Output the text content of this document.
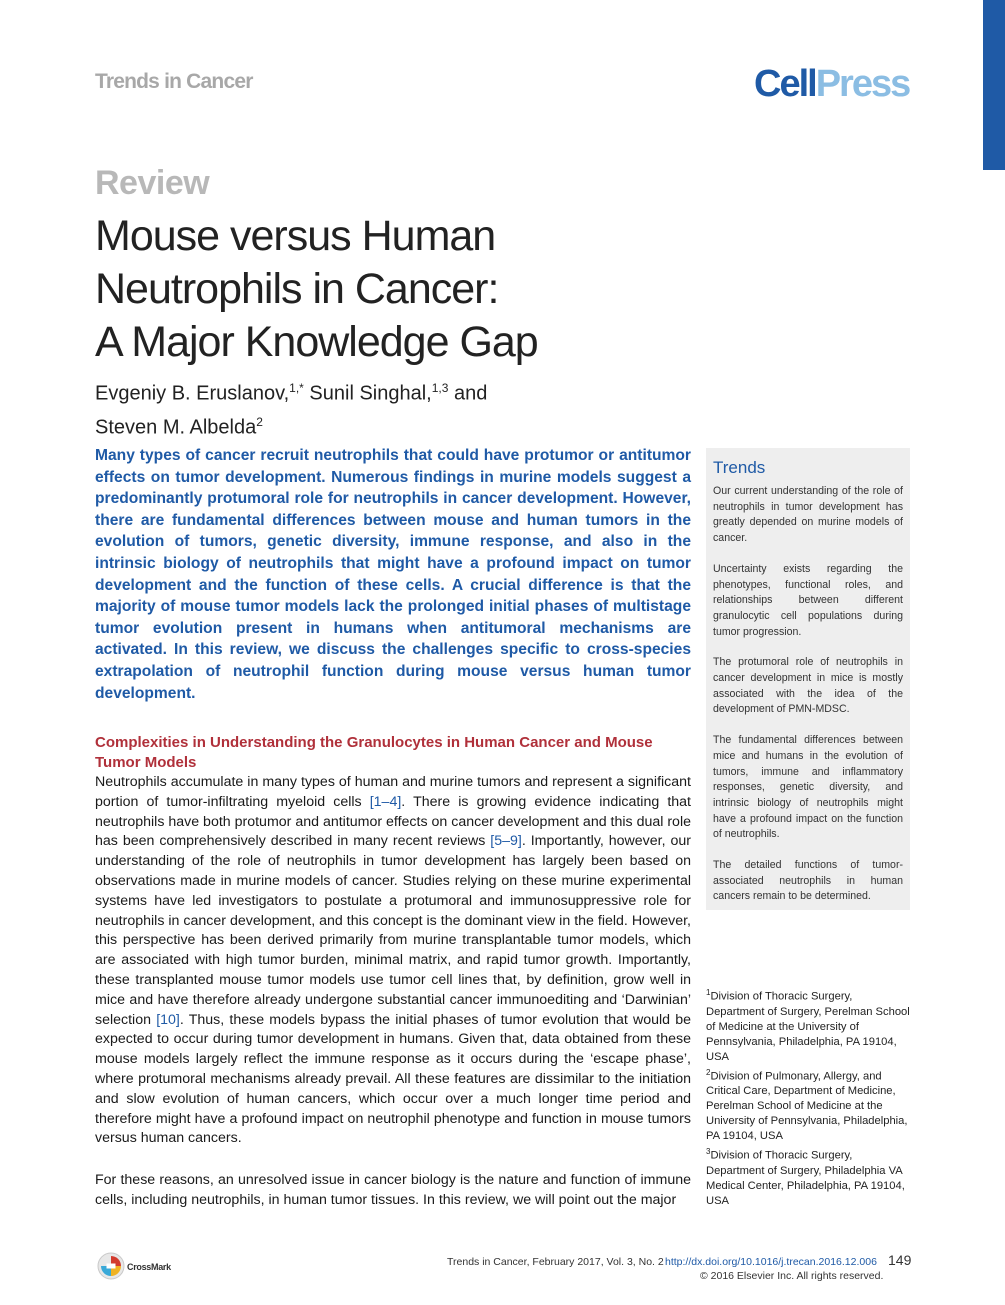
Trends in Cancer	CellPress
Review
Mouse versus Human
Neutrophils in Cancer:
A Major Knowledge Gap
Evgeniy B. Eruslanov,$^{1,*}$ Sunil Singhal,$^{1,3}$ and
Steven M. Albelda$^2$

Many types of cancer recruit neutrophils that could have protumor or antitumor effects on tumor development. Numerous findings in murine models suggest a predominantly protumoral role for neutrophils in cancer development. However, there are fundamental differences between mouse and human tumors in the evolution of tumors, genetic diversity, immune response, and also in the intrinsic biology of neutrophils that might have a profound impact on tumor development and the function of these cells. A crucial difference is that the majority of mouse tumor models lack the prolonged initial phases of multistage tumor evolution present in humans when antitumoral mechanisms are activated. In this review, we discuss the challenges specific to cross-species extrapolation of neutrophil function during mouse versus human tumor development.

Complexities in Understanding the Granulocytes in Human Cancer and Mouse Tumor Models

Neutrophils accumulate in many types of human and murine tumors and represent a significant portion of tumor-infiltrating myeloid cells [1–4]. There is growing evidence indicating that neutrophils have both protumor and antitumor effects on cancer development and this dual role has been comprehensively described in many recent reviews [5–9]. Importantly, however, our understanding of the role of neutrophils in tumor development has largely been based on observations made in murine models of cancer. Studies relying on these murine experimental systems have led investigators to postulate a protumoral and immunosuppressive role for neutrophils in cancer development, and this concept is the dominant view in the field. However, this perspective has been derived primarily from murine transplantable tumor models, which are associated with high tumor burden, minimal matrix, and rapid tumor growth. Importantly, these transplanted mouse tumor models use tumor cell lines that, by definition, grow well in mice and have therefore already undergone substantial cancer immunoediting and ‘Darwinian’ selection [10]. Thus, these models bypass the initial phases of tumor evolution that would be expected to occur during tumor development in humans. Given that, data obtained from these mouse models largely reflect the immune response as it occurs during the ‘escape phase’, where protumoral mechanisms already prevail. All these features are dissimilar to the initiation and slow evolution of human cancers, which occur over a much longer time period and therefore might have a profound impact on neutrophil phenotype and function in mouse tumors versus human cancers.

For these reasons, an unresolved issue in cancer biology is the nature and function of immune cells, including neutrophils, in human tumor tissues. In this review, we will point out the major

Trends

Our current understanding of the role of neutrophils in tumor development has greatly depended on murine models of cancer.

Uncertainty exists regarding the phenotypes, functional roles, and relationships between different granulocytic cell populations during tumor progression.

The protumoral role of neutrophils in cancer development in mice is mostly associated with the idea of the development of PMN-MDSC.

The fundamental differences between mice and humans in the evolution of tumors, immune and inflammatory responses, genetic diversity, and intrinsic biology of neutrophils might have a profound impact on the function of neutrophils.

The detailed functions of tumor-associated neutrophils in human cancers remain to be determined.

$^1$Division of Thoracic Surgery, Department of Surgery, Perelman School of Medicine at the University of Pennsylvania, Philadelphia, PA 19104, USA

$^2$Division of Pulmonary, Allergy, and Critical Care, Department of Medicine, Perelman School of Medicine at the University of Pennsylvania, Philadelphia, PA 19104, USA

$^3$Division of Thoracic Surgery, Department of Surgery, Philadelphia VA Medical Center, Philadelphia, PA 19104, USA

CrossMark	Trends in Cancer, February 2017, Vol. 3, No. 2 http://dx.doi.org/10.1016/j.trecan.2016.12.006 149
© 2016 Elsevier Inc. All rights reserved.
